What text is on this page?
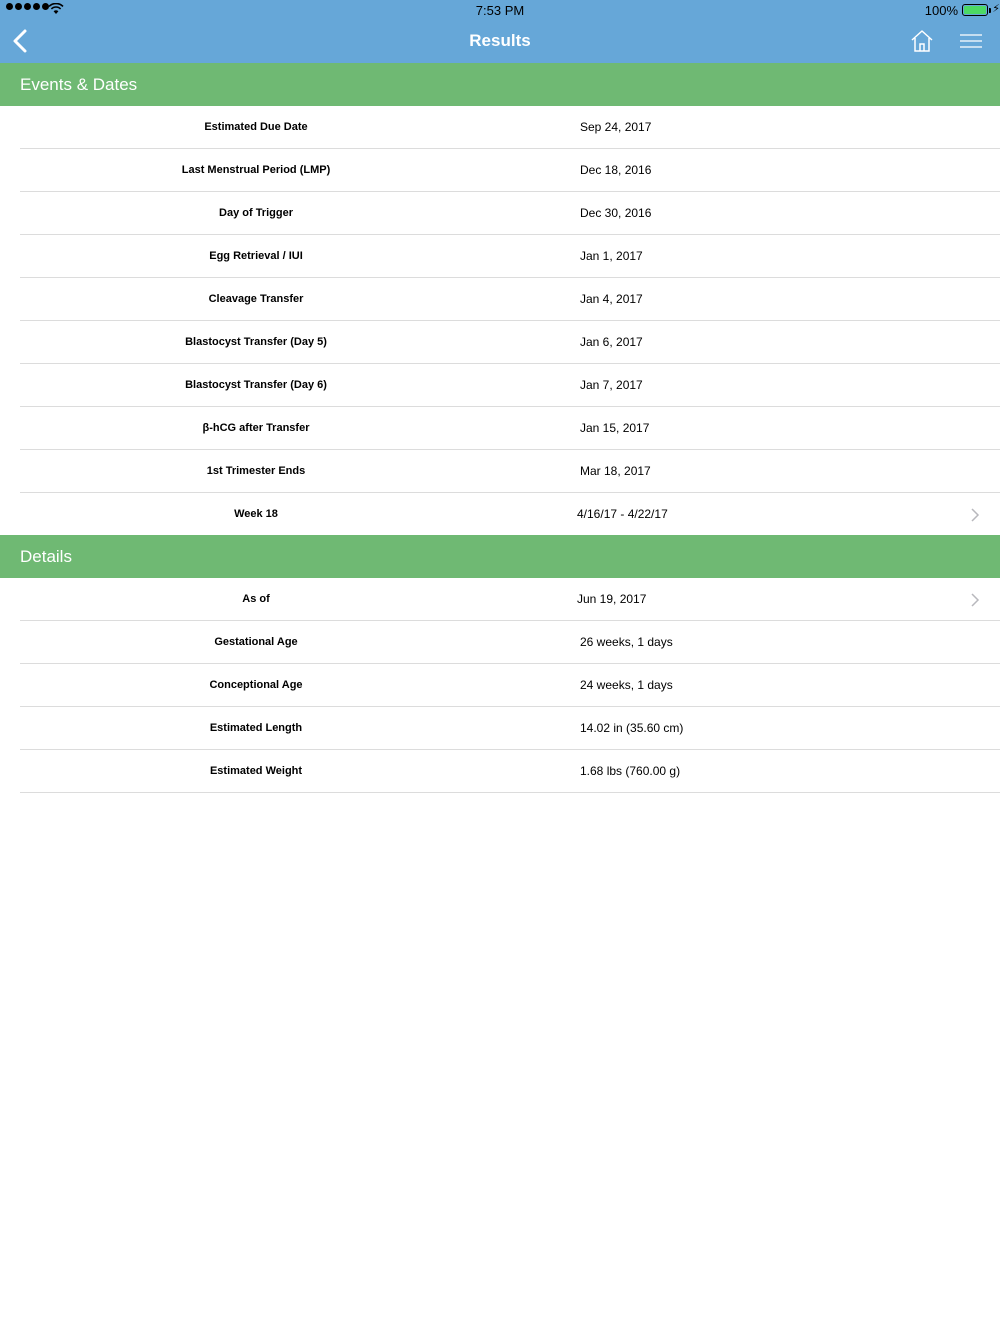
7:53 PM	100%	⚡
Results
Events & Dates
Estimated Due Date	Sep 24, 2017
Last Menstrual Period (LMP)	Dec 18, 2016
Day of Trigger	Dec 30, 2016
Egg Retrieval / IUI	Jan 1, 2017
Cleavage Transfer	Jan 4, 2017
Blastocyst Transfer (Day 5)	Jan 6, 2017
Blastocyst Transfer (Day 6)	Jan 7, 2017
β-hCG after Transfer	Jan 15, 2017
1st Trimester Ends	Mar 18, 2017
Week 18	4/16/17 - 4/22/17
Details
As of	Jun 19, 2017
Gestational Age	26 weeks, 1 days
Conceptional Age	24 weeks, 1 days
Estimated Length	14.02 in (35.60 cm)
Estimated Weight	1.68 lbs (760.00 g)
